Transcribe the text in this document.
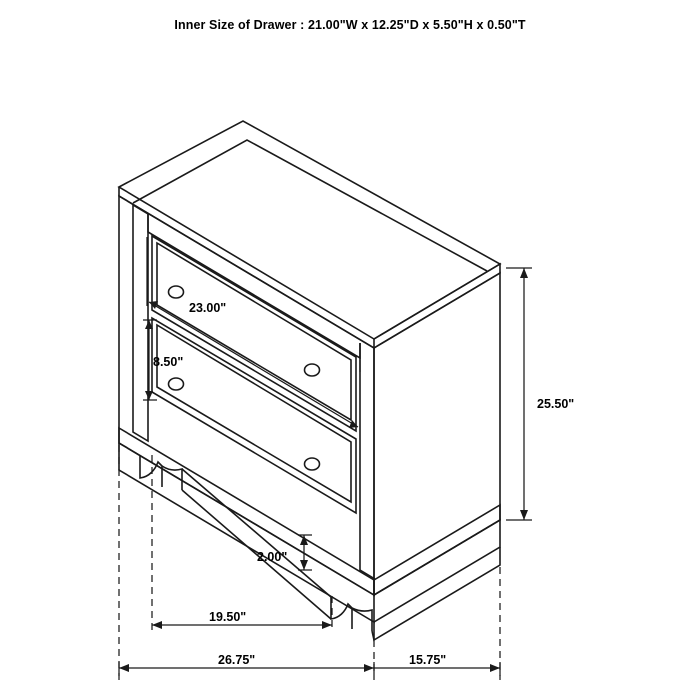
Inner Size of Drawer : 21.00"W x 12.25"D x 5.50"H x 0.50"T
23.00"
8.50"
25.50"
2.00"
19.50"
26.75"	15.75"
